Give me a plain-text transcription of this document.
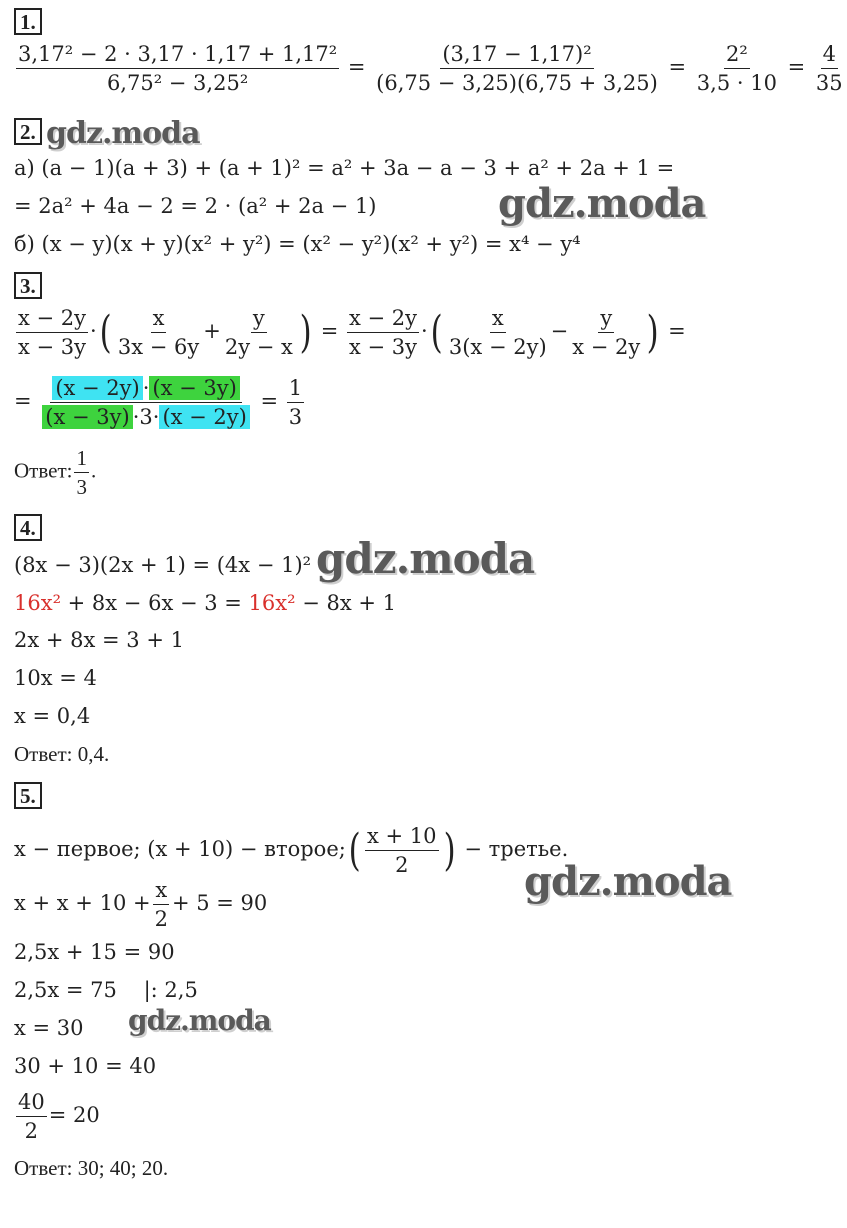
1.
$\frac{\text{3,17² − 2 · 3,17 · 1,17 + 1,17²}}{\text{6,75² − 3,25²}} = \frac{\text{(3,17 − 1,17)²}}{(6,75 - 3,25)(6,75 + 3,25)} = \frac{\text{2²}}{3,5 \cdot 10} = \frac{4}{35}$
2. gdz.moda
а) (a − 1)(a + 3) + (a + 1)² = a² + 3a − a − 3 + a² + 2a + 1 =
= 2a² + 4a − 2 = 2 · (a² + 2a − 1)	gdz.moda
б) (x − y)(x + y)(x² + y²) = (x² − y²)(x² + y²) = x⁴ − y⁴
3.
$\frac{x - 2y}{x - 3y}$ ·( $\frac{x}{3x - 6y} + \frac{y}{2y - x}$ ) = $\frac{x - 2y}{x - 3y}$ ·( $\frac{x}{3(x - 2y)} - \frac{y}{x - 2y}$ ) =
= $\frac{(x - 2y) \cdot (x - 3y)}{(x - 3y) \cdot 3\cdot (x - 2y)} = \frac{1}{3}$
Ответ: $\frac{1}{3}$ .
4.
(8x − 3)(2x + 1) = (4x − 1)² gdz.moda
16x² + 8x − 6x − 3 = 16x² − 8x + 1
2x + 8x = 3 + 1
10x = 4
x = 0,4
Ответ: 0,4.
5.
x − первое; (x + 10) − второе;( $\frac{x + 10}{2}$ ) − третье.
gdz.moda
$x + x + 10 + \frac{x}{2} + 5 = 90$
2,5x + 15 = 90
2,5x = 75    |: 2,5
x = 30 gdz.moda
30 + 10 = 40
$\frac{40}{2} = 20$
Ответ: 30; 40; 20.
